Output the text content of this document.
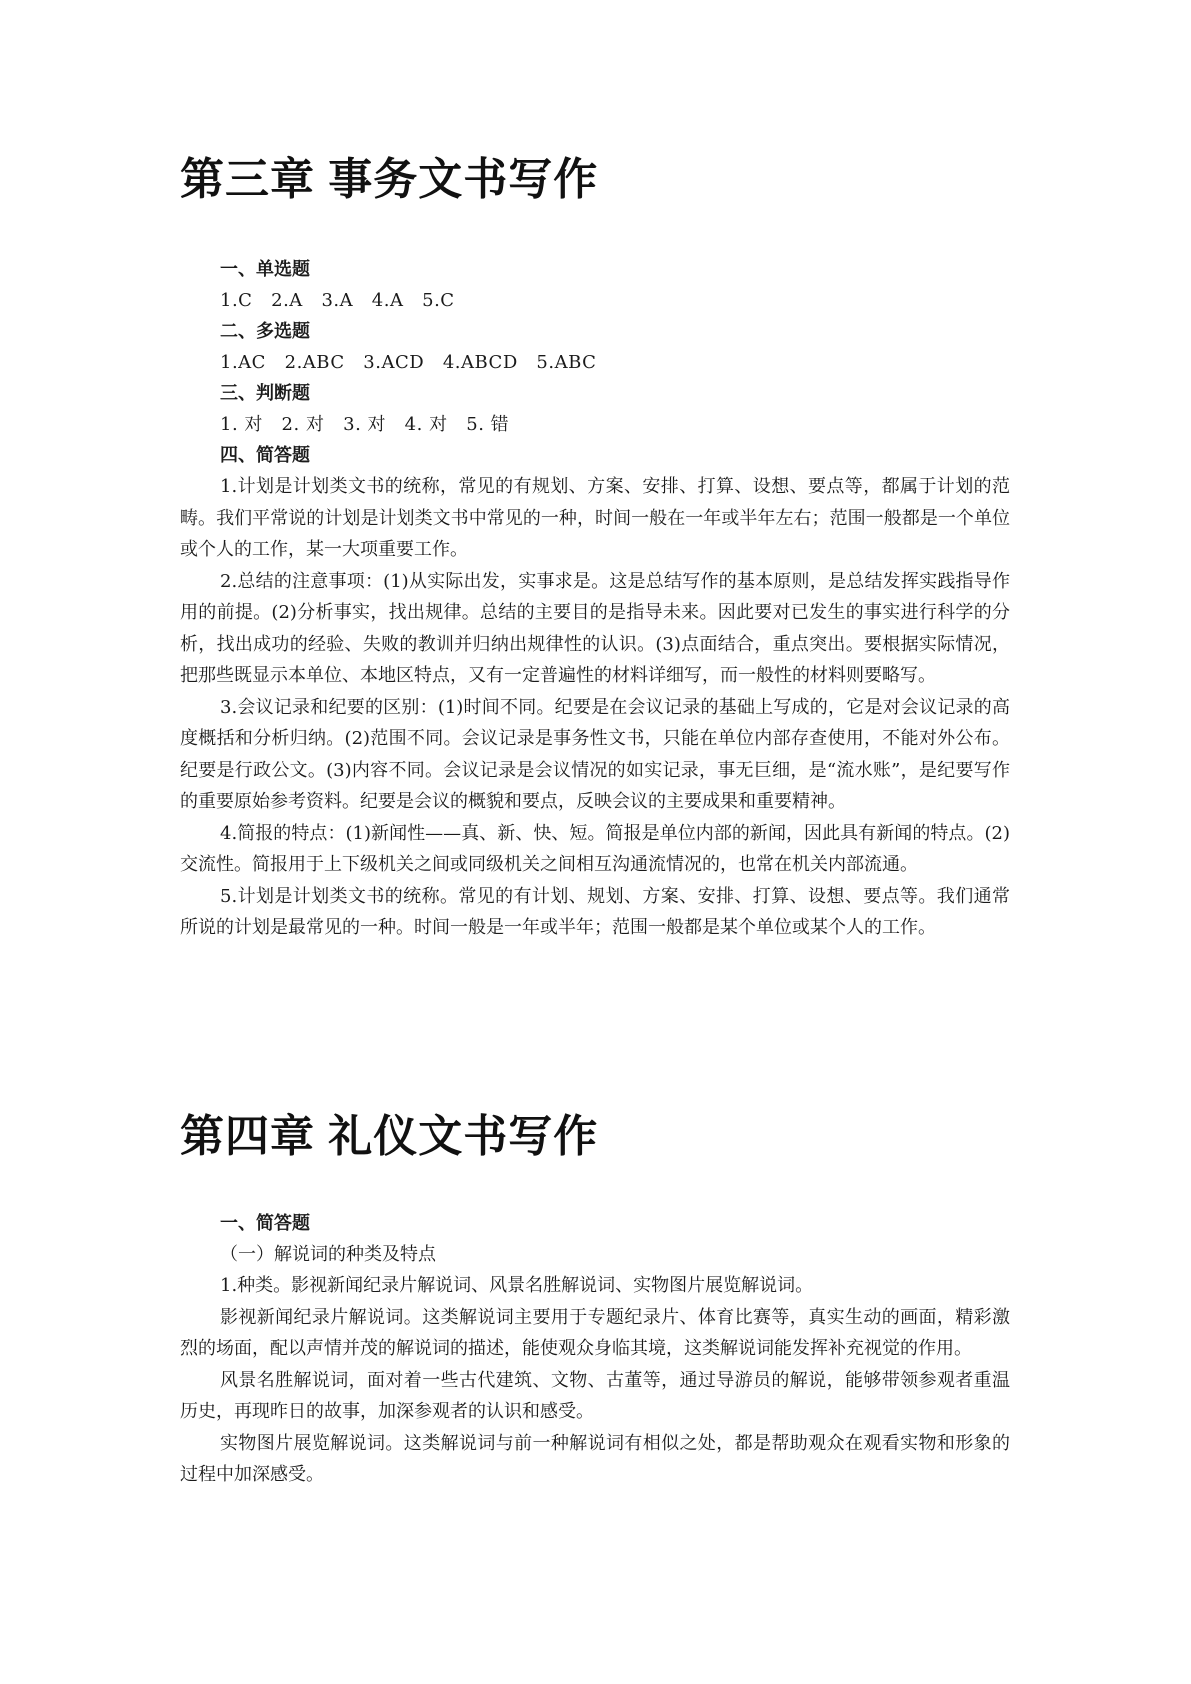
第三章 事务文书写作

一、单选题

1.C   2.A   3.A   4.A   5.C

二、多选题

1.AC   2.ABC   3.ACD   4.ABCD   5.ABC

三、判断题

1. 对   2. 对   3. 对   4. 对   5. 错

四、简答题

1.计划是计划类文书的统称，常见的有规划、方案、安排、打算、设想、要点等，都属于计划的范畴。我们平常说的计划是计划类文书中常见的一种，时间一般在一年或半年左右；范围一般都是一个单位或个人的工作，某一大项重要工作。

2.总结的注意事项：(1)从实际出发，实事求是。这是总结写作的基本原则，是总结发挥实践指导作用的前提。(2)分析事实，找出规律。总结的主要目的是指导未来。因此要对已发生的事实进行科学的分析，找出成功的经验、失败的教训并归纳出规律性的认识。(3)点面结合，重点突出。要根据实际情况，把那些既显示本单位、本地区特点，又有一定普遍性的材料详细写，而一般性的材料则要略写。

3.会议记录和纪要的区别：(1)时间不同。纪要是在会议记录的基础上写成的，它是对会议记录的高度概括和分析归纳。(2)范围不同。会议记录是事务性文书，只能在单位内部存查使用，不能对外公布。纪要是行政公文。(3)内容不同。会议记录是会议情况的如实记录，事无巨细，是“流水账”，是纪要写作的重要原始参考资料。纪要是会议的概貌和要点，反映会议的主要成果和重要精神。

4.简报的特点：(1)新闻性——真、新、快、短。简报是单位内部的新闻，因此具有新闻的特点。(2)交流性。简报用于上下级机关之间或同级机关之间相互沟通流情况的，也常在机关内部流通。

5.计划是计划类文书的统称。常见的有计划、规划、方案、安排、打算、设想、要点等。我们通常所说的计划是最常见的一种。时间一般是一年或半年；范围一般都是某个单位或某个人的工作。

第四章 礼仪文书写作

一、简答题

（一）解说词的种类及特点

1.种类。影视新闻纪录片解说词、风景名胜解说词、实物图片展览解说词。

影视新闻纪录片解说词。这类解说词主要用于专题纪录片、体育比赛等，真实生动的画面，精彩激烈的场面，配以声情并茂的解说词的描述，能使观众身临其境，这类解说词能发挥补充视觉的作用。

风景名胜解说词，面对着一些古代建筑、文物、古董等，通过导游员的解说，能够带领参观者重温历史，再现昨日的故事，加深参观者的认识和感受。

实物图片展览解说词。这类解说词与前一种解说词有相似之处，都是帮助观众在观看实物和形象的过程中加深感受。
